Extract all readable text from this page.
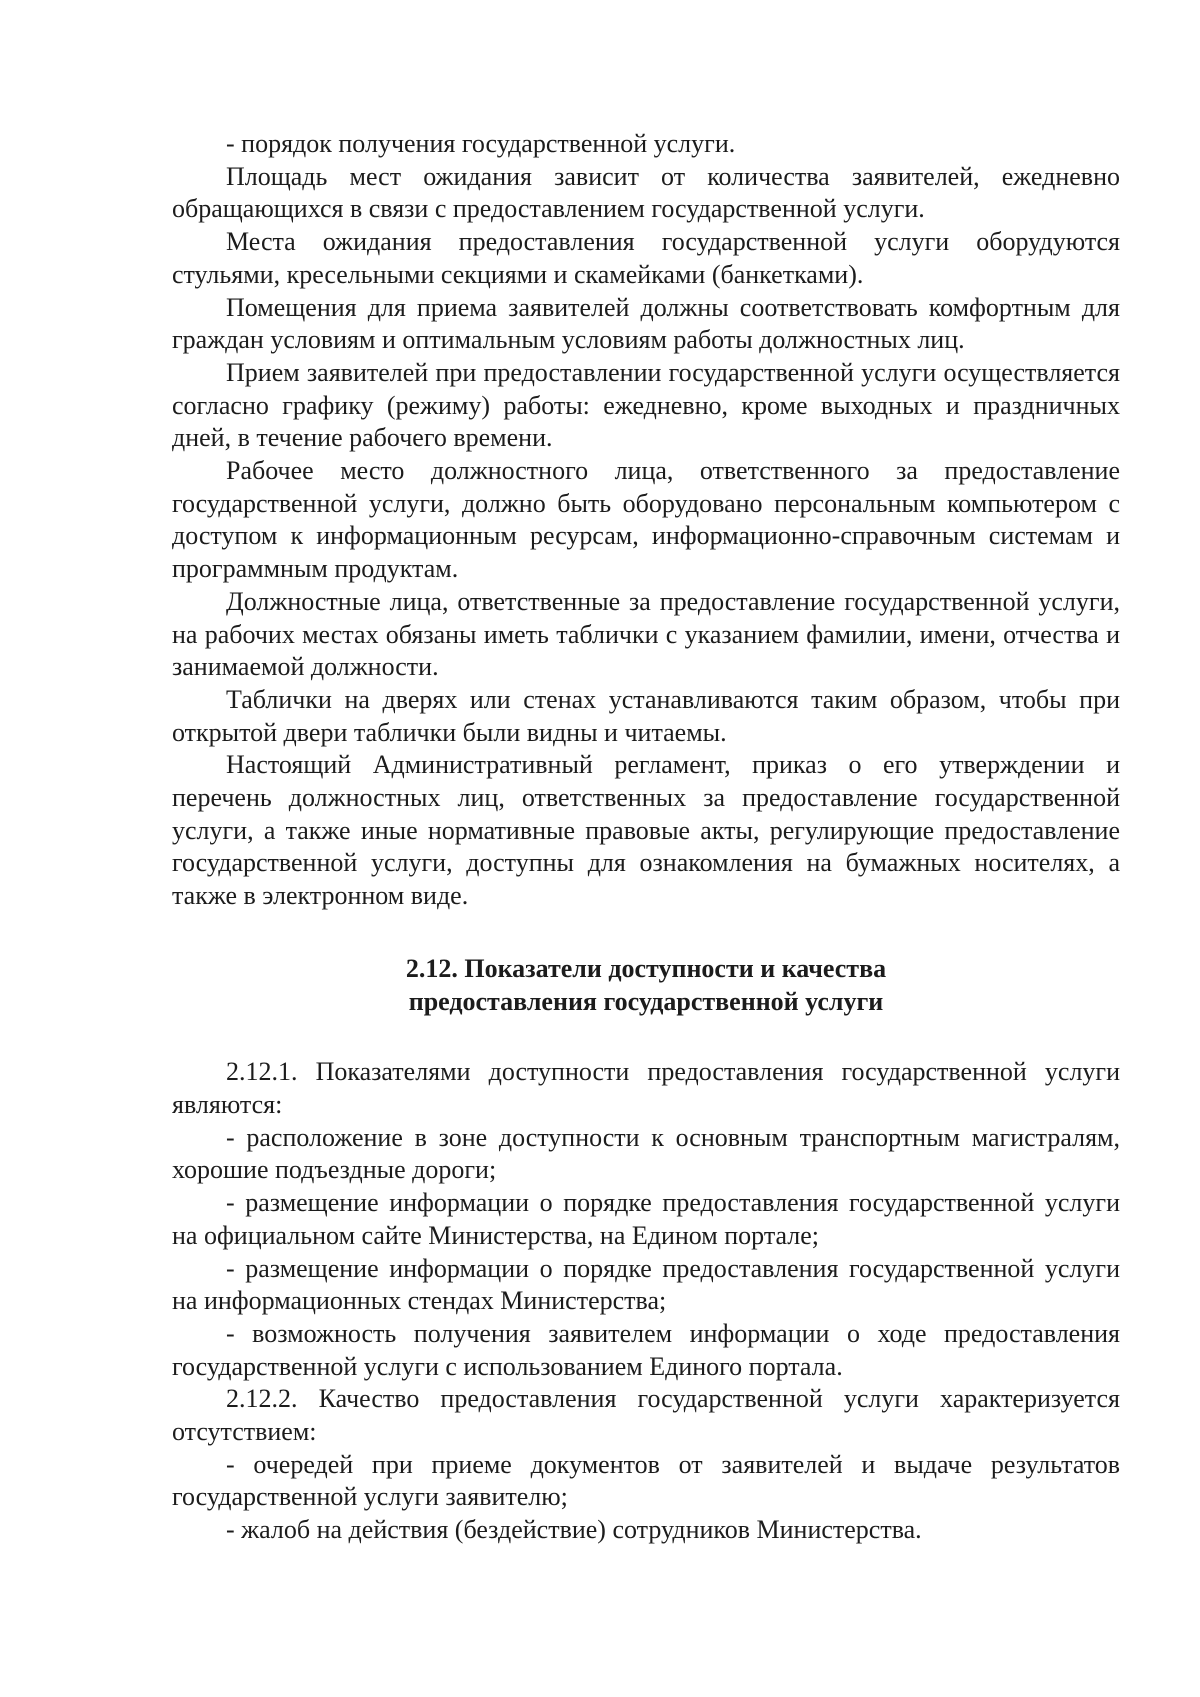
- порядок получения государственной услуги.

Площадь мест ожидания зависит от количества заявителей, ежедневно обращающихся в связи с предоставлением государственной услуги.

Места ожидания предоставления государственной услуги оборудуются стульями, кресельными секциями и скамейками (банкетками).

Помещения для приема заявителей должны соответствовать комфортным для граждан условиям и оптимальным условиям работы должностных лиц.

Прием заявителей при предоставлении государственной услуги осуществляется согласно графику (режиму) работы: ежедневно, кроме выходных и праздничных дней, в течение рабочего времени.

Рабочее место должностного лица, ответственного за предоставление государственной услуги, должно быть оборудовано персональным компьютером с доступом к информационным ресурсам, информационно-справочным системам и программным продуктам.

Должностные лица, ответственные за предоставление государственной услуги, на рабочих местах обязаны иметь таблички с указанием фамилии, имени, отчества и занимаемой должности.

Таблички на дверях или стенах устанавливаются таким образом, чтобы при открытой двери таблички были видны и читаемы.

Настоящий Административный регламент, приказ о его утверждении и перечень должностных лиц, ответственных за предоставление государственной услуги, а также иные нормативные правовые акты, регулирующие предоставление государственной услуги, доступны для ознакомления на бумажных носителях, а также в электронном виде.

2.12. Показатели доступности и качества
предоставления государственной услуги

2.12.1. Показателями доступности предоставления государственной услуги являются:

- расположение в зоне доступности к основным транспортным магистралям, хорошие подъездные дороги;

- размещение информации о порядке предоставления государственной услуги на официальном сайте Министерства, на Едином портале;

- размещение информации о порядке предоставления государственной услуги на информационных стендах Министерства;

- возможность получения заявителем информации о ходе предоставления государственной услуги с использованием Единого портала.

2.12.2. Качество предоставления государственной услуги характеризуется отсутствием:

- очередей при приеме документов от заявителей и выдаче результатов государственной услуги заявителю;

- жалоб на действия (бездействие) сотрудников Министерства.
